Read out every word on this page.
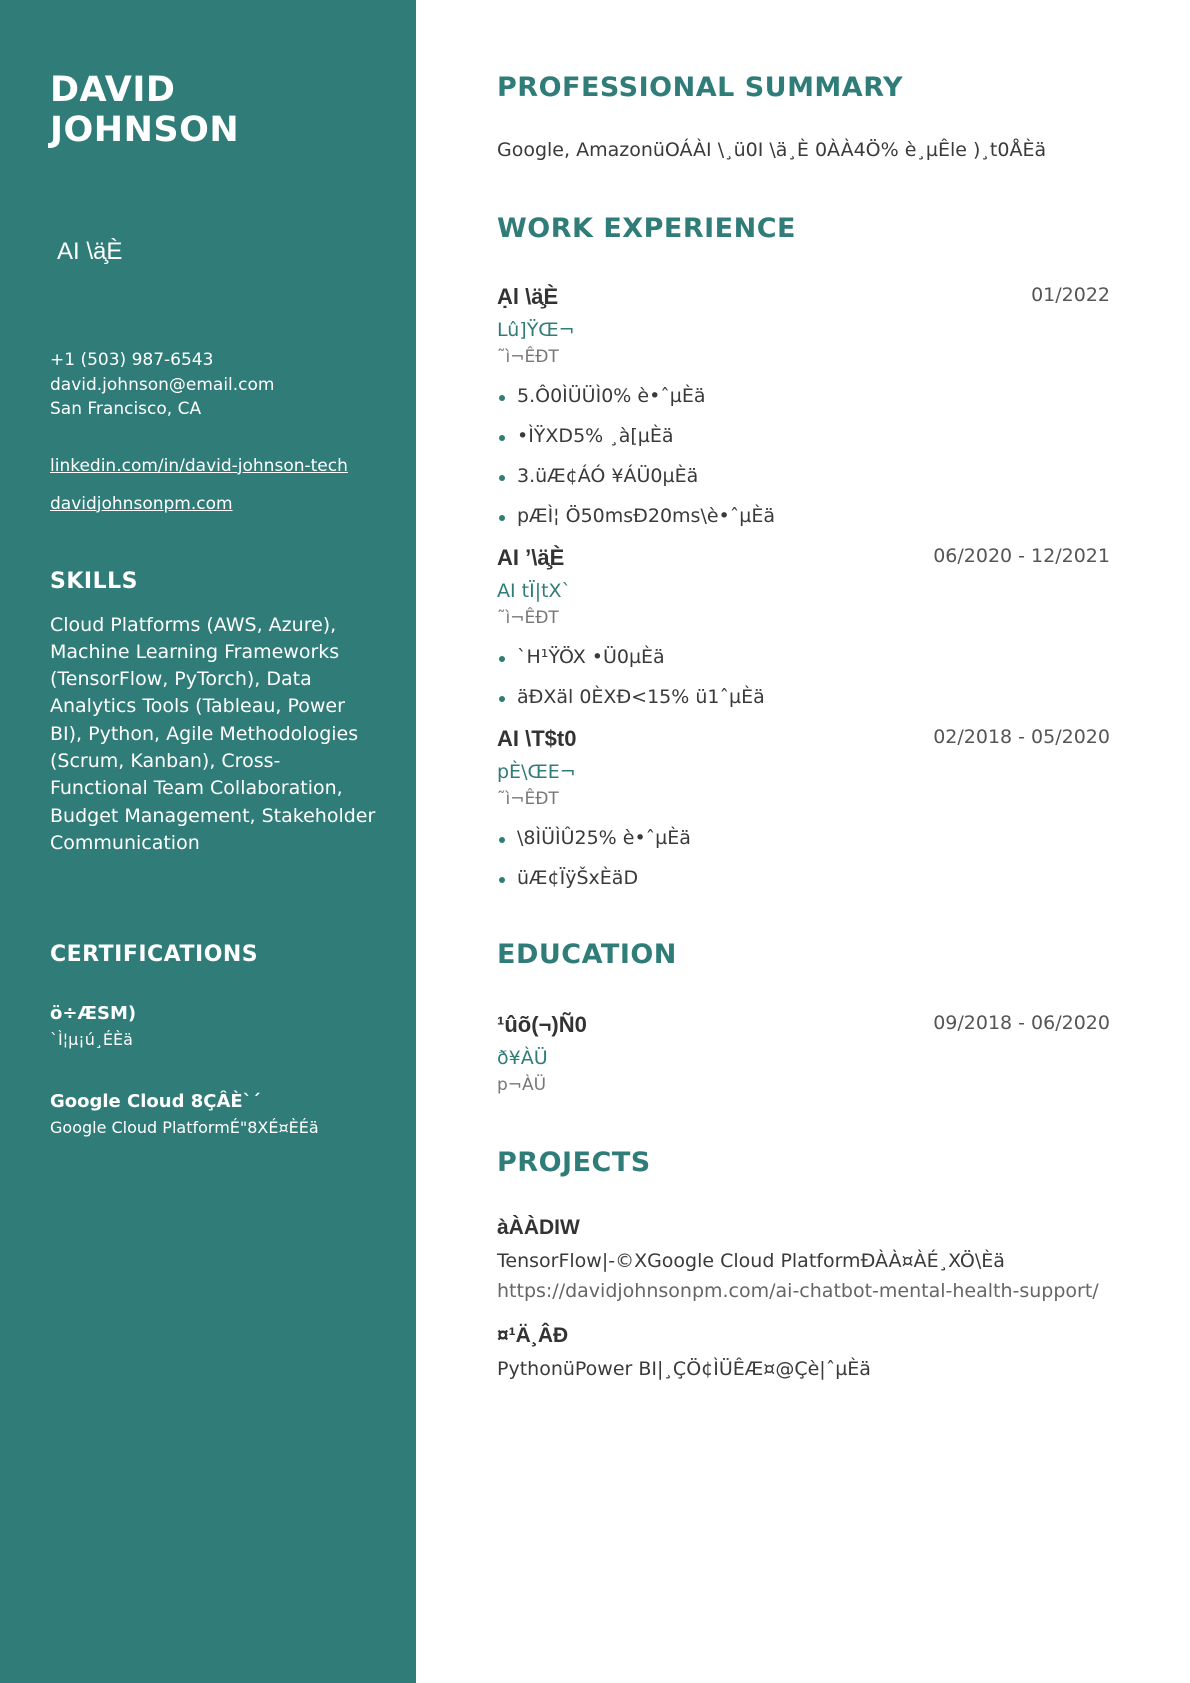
DAVID JOHNSON
AI \ä̧È
+1 (503) 987-6543
david.johnson@email.com
San Francisco, CA
linkedin.com/in/david-johnson-tech
davidjohnsonpm.com
SKILLS
Cloud Platforms (AWS, Azure), Machine Learning Frameworks (TensorFlow, PyTorch), Data Analytics Tools (Tableau, Power BI), Python, Agile Methodologies (Scrum, Kanban), Cross-Functional Team Collaboration, Budget Management, Stakeholder Communication
CERTIFICATIONS
ö÷ÆSM)
`Ì¦µ¡ú¸ÉÈä
Google Cloud 8ÇÂÈ`´
Google Cloud PlatformÉ"8XÉ¤ÈÉä
PROFESSIONAL SUMMARY
Google, AmazonüOÁÀI \¸ü0I \ä¸È 0ÀÀ4Ö% è¸µÊle )¸t0ÅÈä
WORK EXPERIENCE
Ạl \ä̧È	01/2022
Lû]ŸŒ¬
˜ì¬ÊÐT
5.Ô0ÌÜÜÌ0% è•ˆµÈä
•ÌŸXD5% ¸à[µÈä
3.üÆ¢ÁÓ ¥ÁÜ0µÈä
pÆÌ¦ Ö50msÐ20ms\è•ˆµÈä
AI ’\ä̧È	06/2020 - 12/2021
AI tÏ|tX`
˜ì¬ÊÐT
`H¹ŸÖX •Ü0µÈä
äÐXäl 0ÈXÐ<15% ü1ˆµÈä
AI \T$t0	02/2018 - 05/2020
pÈ\ŒE¬
˜ì¬ÊÐT
\8ÌÜÌÛ25% è•ˆµÈä
üÆ¢ÏÿŠxÈäD
EDUCATION
¹ûõ(¬)Ñ0	09/2018 - 06/2020
ð¥ÀÜ
p¬ÀÜ
PROJECTS
àÀÀDIW
TensorFlow|-©XGoogle Cloud PlatformÐÀÀ¤ÀÉ¸XÖ\Èä
https://davidjohnsonpm.com/ai-chatbot-mental-health-support/
¤¹Ä¸ÂÐ
PythonüPower BI|¸ÇÖ¢ÌÜÊÆ¤@Çè|ˆµÈä
